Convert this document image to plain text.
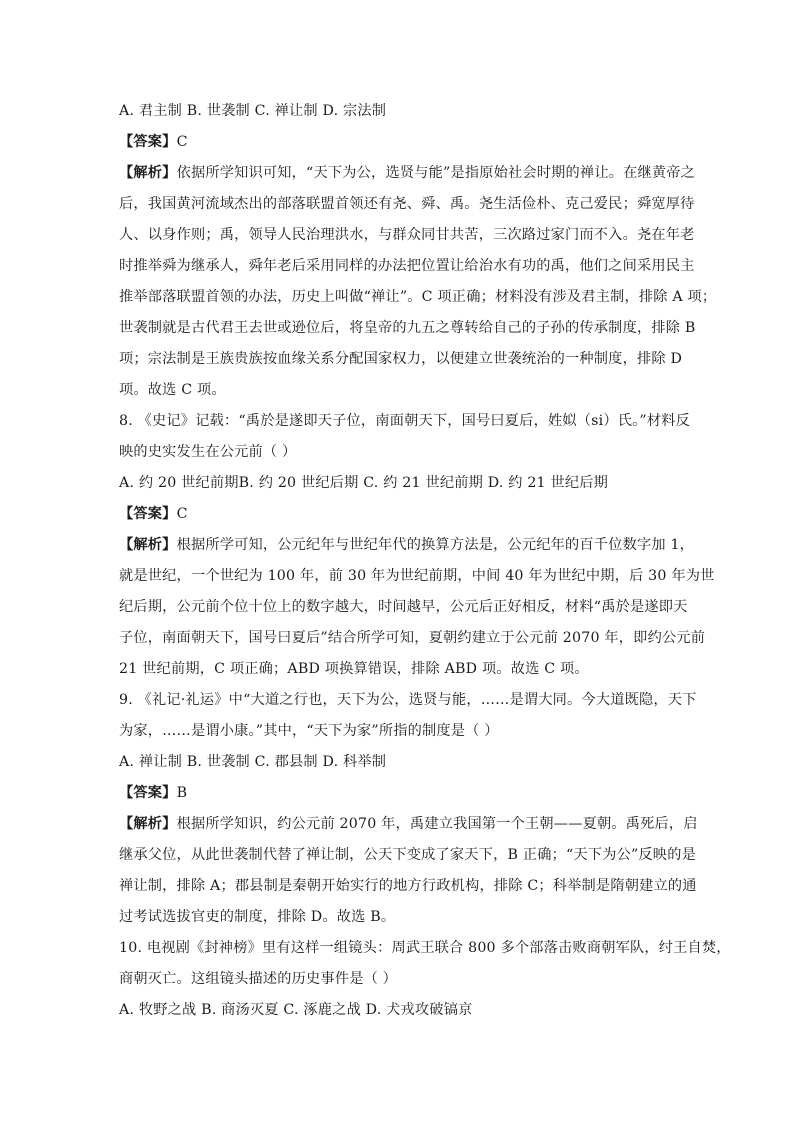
A. 君主制 B. 世袭制 C. 禅让制 D. 宗法制
【答案】C
【解析】依据所学知识可知，“天下为公，选贤与能”是指原始社会时期的禅让。在继黄帝之
后，我国黄河流域杰出的部落联盟首领还有尧、舜、禹。尧生活俭朴、克己爱民；舜宽厚待
人、以身作则；禹，领导人民治理洪水，与群众同甘共苦，三次路过家门而不入。尧在年老
时推举舜为继承人，舜年老后采用同样的办法把位置让给治水有功的禹，他们之间采用民主
推举部落联盟首领的办法，历史上叫做“禅让”。C 项正确；材料没有涉及君主制，排除 A 项；
世袭制就是古代君王去世或逊位后，将皇帝的九五之尊转给自己的子孙的传承制度，排除 B
项；宗法制是王族贵族按血缘关系分配国家权力，以便建立世袭统治的一种制度，排除 D
项。故选 C 项。
8. 《史记》记载：“禹於是遂即天子位，南面朝天下，国号曰夏后，姓姒（si）氏。”材料反
映的史实发生在公元前（ ）
A. 约 20 世纪前期B. 约 20 世纪后期 C. 约 21 世纪前期 D. 约 21 世纪后期
【答案】C
【解析】根据所学可知，公元纪年与世纪年代的换算方法是，公元纪年的百千位数字加 1，
就是世纪，一个世纪为 100 年，前 30 年为世纪前期，中间 40 年为世纪中期，后 30 年为世
纪后期，公元前个位十位上的数字越大，时间越早，公元后正好相反，材料“禹於是遂即天
子位，南面朝天下，国号曰夏后”结合所学可知，夏朝约建立于公元前 2070 年，即约公元前
21 世纪前期，C 项正确；ABD 项换算错误，排除 ABD 项。故选 C 项。
9. 《礼记·礼运》中“大道之行也，天下为公，选贤与能，……是谓大同。今大道既隐，天下
为家，……是谓小康。”其中，“天下为家”所指的制度是（ ）
A. 禅让制 B. 世袭制 C. 郡县制 D. 科举制
【答案】B
【解析】根据所学知识，约公元前 2070 年，禹建立我国第一个王朝——夏朝。禹死后，启
继承父位，从此世袭制代替了禅让制，公天下变成了家天下，B 正确；“天下为公”反映的是
禅让制，排除 A；郡县制是秦朝开始实行的地方行政机构，排除 C；科举制是隋朝建立的通
过考试选拔官吏的制度，排除 D。故选 B。
10. 电视剧《封神榜》里有这样一组镜头：周武王联合 800 多个部落击败商朝军队，纣王自焚，
商朝灭亡。这组镜头描述的历史事件是（ ）
A. 牧野之战 B. 商汤灭夏 C. 涿鹿之战 D. 犬戎攻破镐京
